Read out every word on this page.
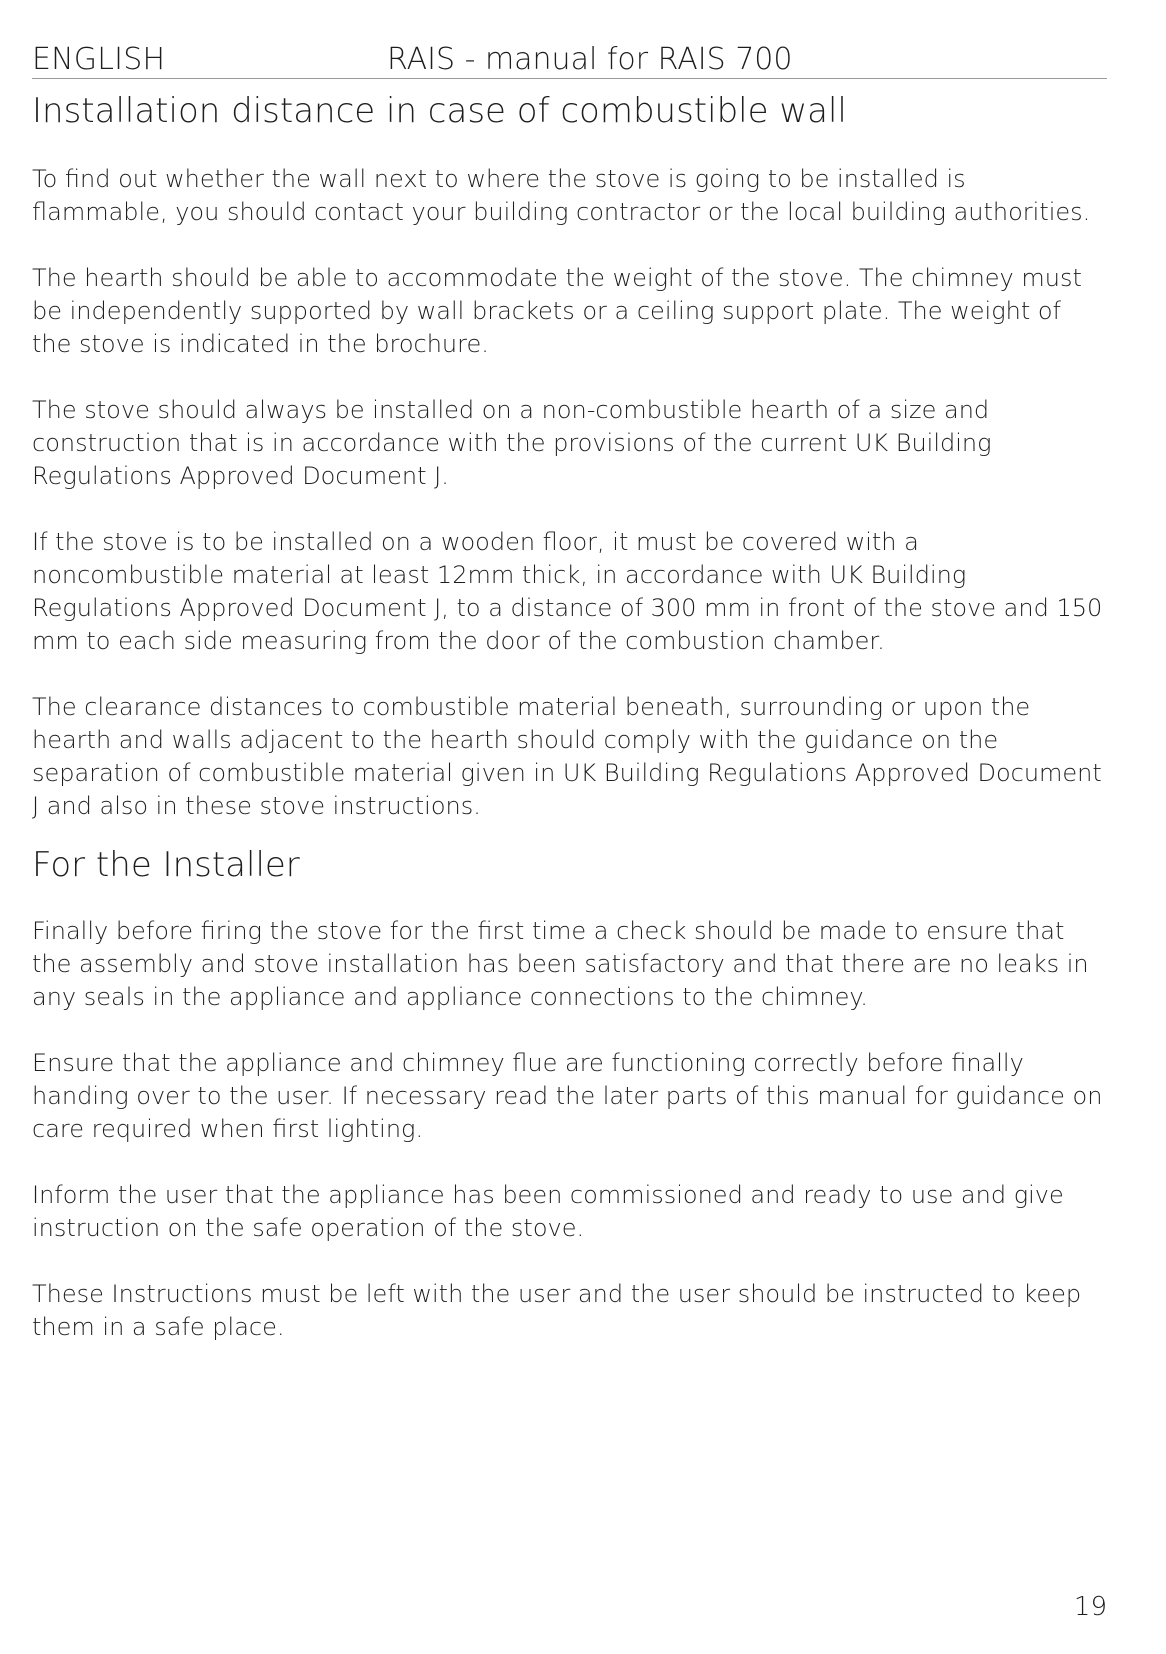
ENGLISH	RAIS - manual for RAIS 700
Installation distance in case of combustible wall

To find out whether the wall next to where the stove is going to be installed is flammable, you should contact your building contractor or the local building authorities.

The hearth should be able to accommodate the weight of the stove. The chimney must be independently supported by wall brackets or a ceiling support plate. The weight of the stove is indicated in the brochure.

The stove should always be installed on a non-combustible hearth of a size and construction that is in accordance with the provisions of the current UK Building Regulations Approved Document J.

If the stove is to be installed on a wooden floor, it must be covered with a noncombustible material at least 12mm thick, in accordance with UK Building Regulations Approved Document J, to a distance of 300 mm in front of the stove and 150 mm to each side measuring from the door of the combustion chamber.

The clearance distances to combustible material beneath, surrounding or upon the hearth and walls adjacent to the hearth should comply with the guidance on the separation of combustible material given in UK Building Regulations Approved Document J and also in these stove instructions.

For the Installer

Finally before firing the stove for the first time a check should be made to ensure that the assembly and stove installation has been satisfactory and that there are no leaks in any seals in the appliance and appliance connections to the chimney.

Ensure that the appliance and chimney flue are functioning correctly before finally handing over to the user. If necessary read the later parts of this manual for guidance on care required when first lighting.

Inform the user that the appliance has been commissioned and ready to use and give instruction on the safe operation of the stove.

These Instructions must be left with the user and the user should be instructed to keep them in a safe place.

19
